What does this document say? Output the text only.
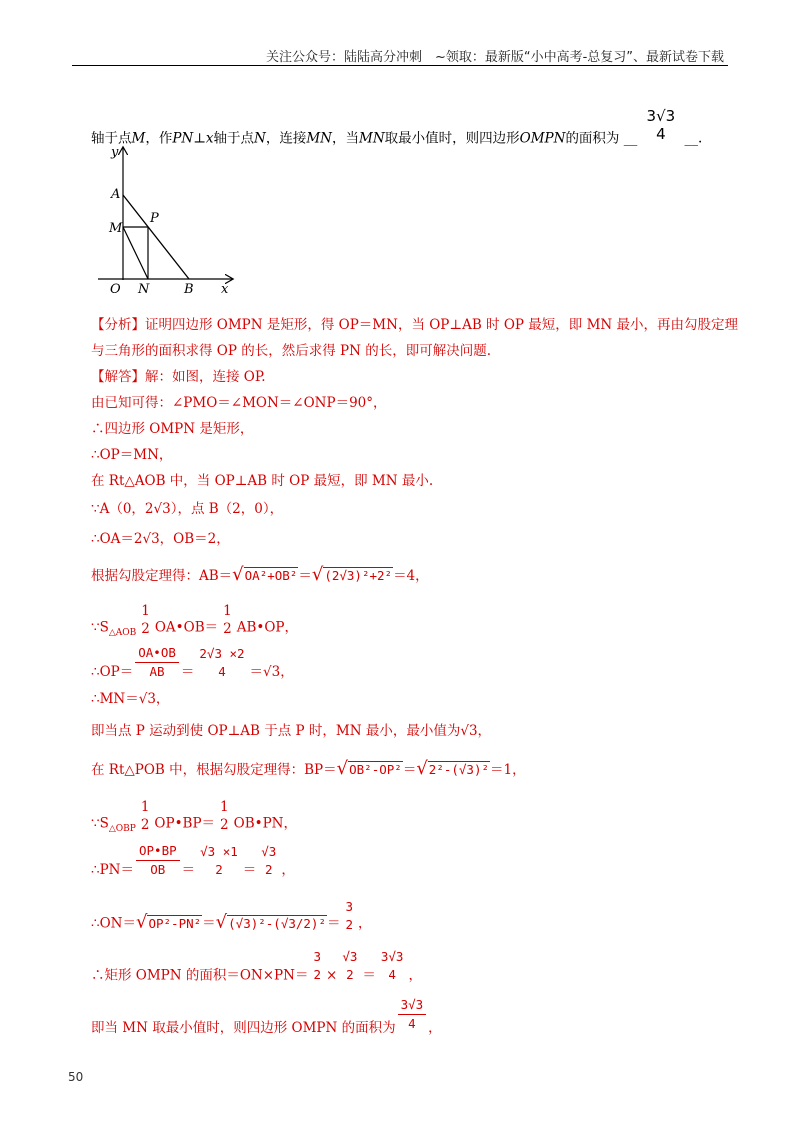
关注公众号：陆陆高分冲刺　~领取：最新版“小中高考-总复习”、最新试卷下载
轴于点M，作PN⊥x轴于点N，连接MN，当MN取最小值时，则四边形OMPN的面积为 __
3√3
4	__.
y
A
M
P
O N	B x
【分析】证明四边形 OMPN 是矩形，得 OP＝MN，当 OP⊥AB 时 OP 最短，即 MN 最小，再由勾股定理
与三角形的面积求得 OP 的长，然后求得 PN 的长，即可解决问题.
【解答】解：如图，连接 OP.
由已知可得：∠PMO＝∠MON＝∠ONP＝90°，
∴四边形 OMPN 是矩形，
∴OP＝MN，
在 Rt△AOB 中，当 OP⊥AB 时 OP 最短，即 MN 最小.
∵A（0，2√3），点 B（2，0），
∴OA＝2√3，OB＝2，
根据勾股定理得：AB＝√OA²+OB²＝√(2√3)²+2²＝4，
$\because S_{\triangle AOB}$
1
2 OA•OB＝
1
2 AB•OP，
∴OP＝ $\frac{OA•OB}{AB}$ ＝
2√3 ×2
4	＝√3，
∴MN＝√3，
即当点 P 运动到使 OP⊥AB 于点 P 时，MN 最小，最小值为√3，
在 Rt△POB 中，根据勾股定理得：BP＝√OB²-OP²＝√2²-(√3)²＝1，
$\because S_{\triangle OBP}$
1
2 OP•BP＝
1
2 OB•PN，
∴PN＝ $\frac{OP•BP}{OB}$ ＝
√3 ×1
2	＝
√3
2 ，
∴ON＝√OP²-PN²＝√(√3)²-(√3/2)²＝
3
2 ，
∴矩形 OMPN 的面积＝ON×PN＝
3
2 ×
√3
2 ＝
3√3
4 ，
即当 MN 取最小值时，则四边形 OMPN 的面积为 $\frac{3√3}{4}$ ，
50
